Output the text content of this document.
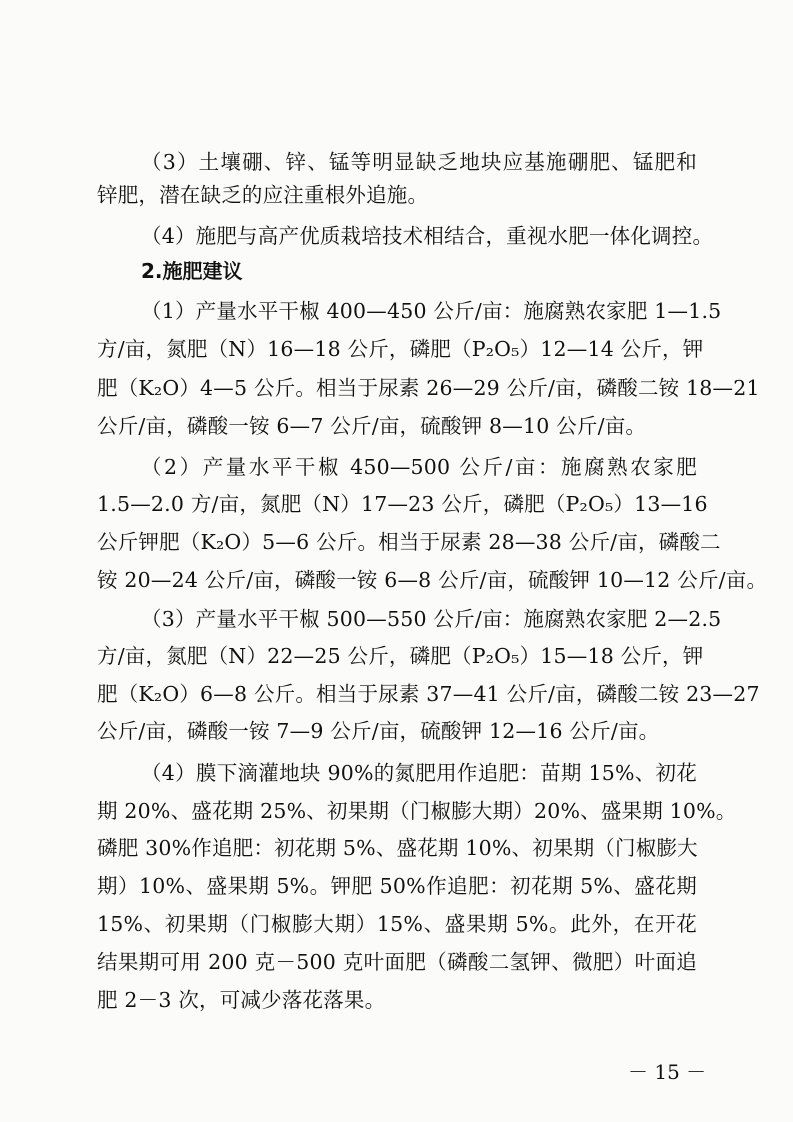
（3）土壤硼、锌、锰等明显缺乏地块应基施硼肥、锰肥和
锌肥，潜在缺乏的应注重根外追施。
（4）施肥与高产优质栽培技术相结合，重视水肥一体化调控。
2.施肥建议
（1）产量水平干椒 400—450 公斤/亩：施腐熟农家肥 1—1.5
方/亩，氮肥（N）16—18 公斤，磷肥（P₂O₅）12—14 公斤，钾
肥（K₂O）4—5 公斤。相当于尿素 26—29 公斤/亩，磷酸二铵 18—21
公斤/亩，磷酸一铵 6—7 公斤/亩，硫酸钾 8—10 公斤/亩。
（2）产量水平干椒 450—500 公斤/亩：施腐熟农家肥
1.5—2.0 方/亩，氮肥（N）17—23 公斤，磷肥（P₂O₅）13—16
公斤钾肥（K₂O）5—6 公斤。相当于尿素 28—38 公斤/亩，磷酸二
铵 20—24 公斤/亩，磷酸一铵 6—8 公斤/亩，硫酸钾 10—12 公斤/亩。
（3）产量水平干椒 500—550 公斤/亩：施腐熟农家肥 2—2.5
方/亩，氮肥（N）22—25 公斤，磷肥（P₂O₅）15—18 公斤，钾
肥（K₂O）6—8 公斤。相当于尿素 37—41 公斤/亩，磷酸二铵 23—27
公斤/亩，磷酸一铵 7—9 公斤/亩，硫酸钾 12—16 公斤/亩。
（4）膜下滴灌地块 90%的氮肥用作追肥：苗期 15%、初花
期 20%、盛花期 25%、初果期（门椒膨大期）20%、盛果期 10%。
磷肥 30%作追肥：初花期 5%、盛花期 10%、初果期（门椒膨大
期）10%、盛果期 5%。钾肥 50%作追肥：初花期 5%、盛花期
15%、初果期（门椒膨大期）15%、盛果期 5%。此外，在开花
结果期可用 200 克－500 克叶面肥（磷酸二氢钾、微肥）叶面追
肥 2－3 次，可减少落花落果。
－ 15 －
